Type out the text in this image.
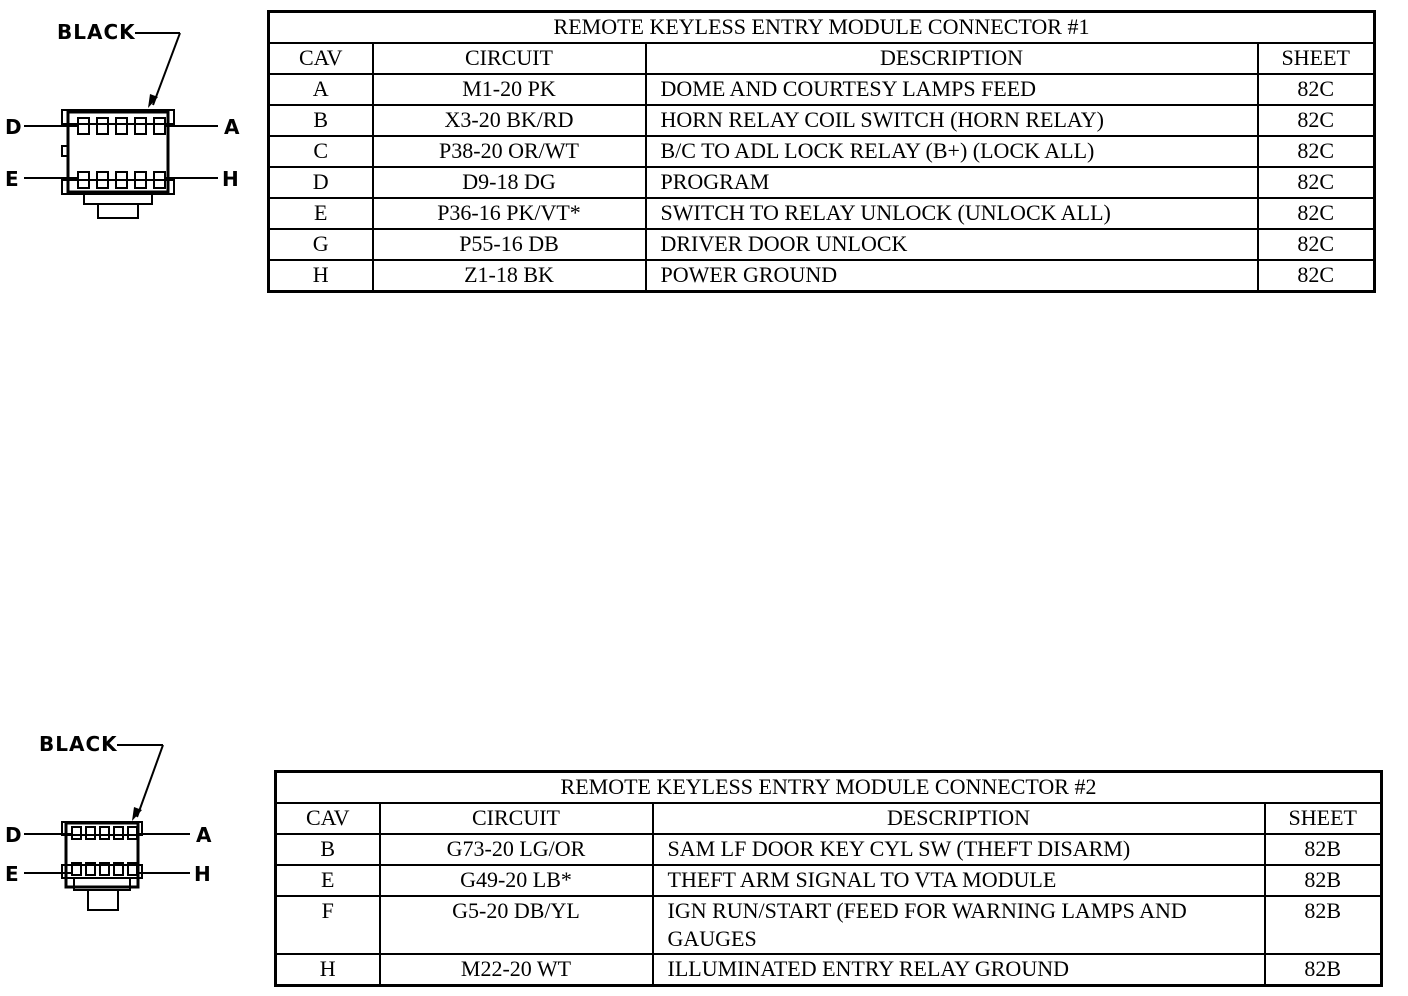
BLACK
D	A
E	H
REMOTE KEYLESS ENTRY MODULE CONNECTOR #1			
CAV	CIRCUIT	DESCRIPTION	SHEET
A	M1-20 PK	DOME AND COURTESY LAMPS FEED	82C
B	X3-20 BK/RD	HORN RELAY COIL SWITCH (HORN RELAY)	82C
C	P38-20 OR/WT	B/C TO ADL LOCK RELAY (B+) (LOCK ALL)	82C
D	D9-18 DG	PROGRAM	82C
E	P36-16 PK/VT*	SWITCH TO RELAY UNLOCK (UNLOCK ALL)	82C
G	P55-16 DB	DRIVER DOOR UNLOCK	82C
H	Z1-18 BK	POWER GROUND	82C
BLACK
D	A
E	H
REMOTE KEYLESS ENTRY MODULE CONNECTOR #2			
CAV	CIRCUIT	DESCRIPTION	SHEET
B	G73-20 LG/OR	SAM LF DOOR KEY CYL SW (THEFT DISARM)	82B
E	G49-20 LB*	THEFT ARM SIGNAL TO VTA MODULE	82B
F	G5-20 DB/YL	IGN RUN/START (FEED FOR WARNING LAMPS AND GAUGES	82B
H	M22-20 WT	ILLUMINATED ENTRY RELAY GROUND	82B
